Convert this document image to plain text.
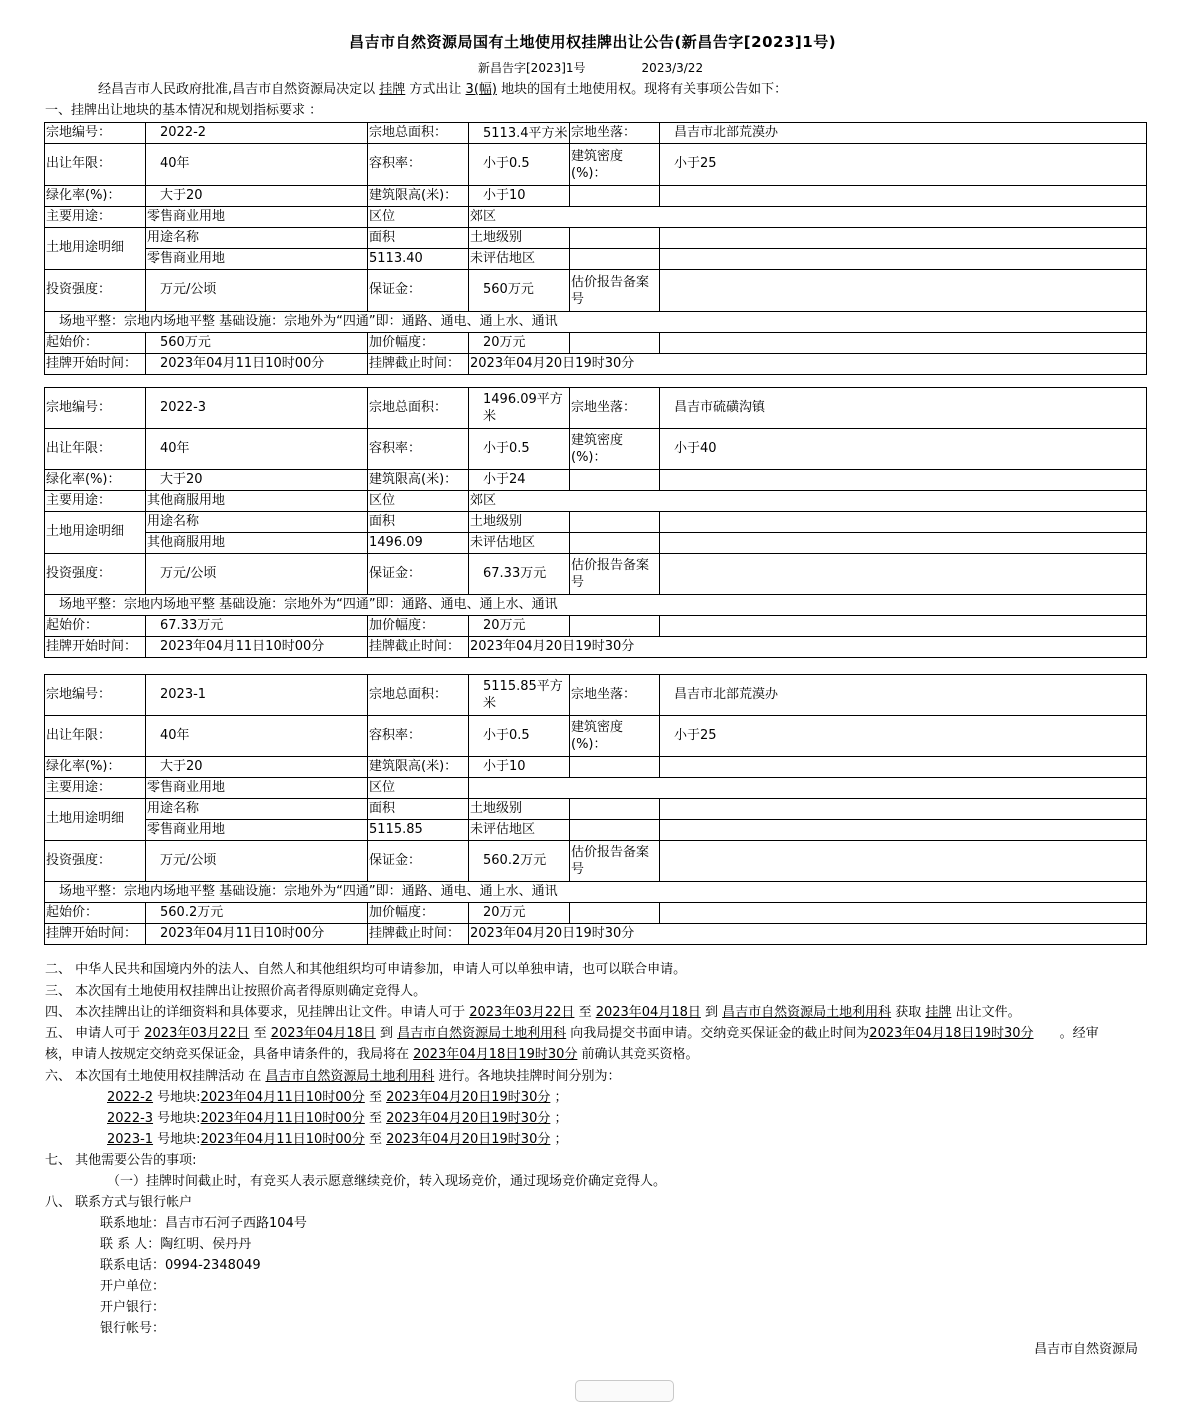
昌吉市自然资源局国有土地使用权挂牌出让公告(新昌告字[2023]1号)
新昌告字[2023]1号	2023/3/22
经昌吉市人民政府批准,昌吉市自然资源局决定以 挂牌 方式出让 3(幅) 地块的国有土地使用权。现将有关事项公告如下：
一、挂牌出让地块的基本情况和规划指标要求 ：
宗地编号：	2022-2	宗地总面积：	5113.4平方米	宗地坐落：	昌吉市北部荒漠办
出让年限：	40年	容积率：	小于0.5	建筑密度(%)：	小于25
绿化率(%)：	大于20	建筑限高(米)：	小于10		
主要用途：	零售商业用地	区位	郊区		
土地用途明细	用途名称	面积	土地级别		
	零售商业用地	5113.40	未评估地区		
投资强度：	万元/公顷	保证金：	560万元	估价报告备案号	
场地平整：宗地内场地平整 基础设施：宗地外为“四通”即：通路、通电、通上水、通讯					
起始价：	560万元	加价幅度：	20万元		
挂牌开始时间：	2023年04月11日10时00分	挂牌截止时间：	2023年04月20日19时30分		
宗地编号：	2022-3	宗地总面积：	1496.09平方米	宗地坐落：	昌吉市硫磺沟镇
出让年限：	40年	容积率：	小于0.5	建筑密度(%)：	小于40
绿化率(%)：	大于20	建筑限高(米)：	小于24		
主要用途：	其他商服用地	区位	郊区		
土地用途明细	用途名称	面积	土地级别		
	其他商服用地	1496.09	未评估地区		
投资强度：	万元/公顷	保证金：	67.33万元	估价报告备案号	
场地平整：宗地内场地平整 基础设施：宗地外为“四通”即：通路、通电、通上水、通讯					
起始价：	67.33万元	加价幅度：	20万元		
挂牌开始时间：	2023年04月11日10时00分	挂牌截止时间：	2023年04月20日19时30分		
宗地编号：	2023-1	宗地总面积：	5115.85平方米	宗地坐落：	昌吉市北部荒漠办
出让年限：	40年	容积率：	小于0.5	建筑密度(%)：	小于25
绿化率(%)：	大于20	建筑限高(米)：	小于10		
主要用途：	零售商业用地	区位			
土地用途明细	用途名称	面积	土地级别		
	零售商业用地	5115.85	未评估地区		
投资强度：	万元/公顷	保证金：	560.2万元	估价报告备案号	
场地平整：宗地内场地平整 基础设施：宗地外为“四通”即：通路、通电、通上水、通讯					
起始价：	560.2万元	加价幅度：	20万元		
挂牌开始时间：	2023年04月11日10时00分	挂牌截止时间：	2023年04月20日19时30分		
二、 中华人民共和国境内外的法人、自然人和其他组织均可申请参加，申请人可以单独申请，也可以联合申请。
三、 本次国有土地使用权挂牌出让按照价高者得原则确定竞得人。
四、 本次挂牌出让的详细资料和具体要求，见挂牌出让文件。申请人可于 2023年03月22日 至 2023年04月18日 到 昌吉市自然资源局土地利用科 获取 挂牌 出让文件。
五、 申请人可于 2023年03月22日 至 2023年04月18日 到 昌吉市自然资源局土地利用科 向我局提交书面申请。交纳竞买保证金的截止时间为2023年04月18日19时30分　　。经审
核，申请人按规定交纳竞买保证金，具备申请条件的，我局将在 2023年04月18日19时30分 前确认其竞买资格。
六、 本次国有土地使用权挂牌活动 在 昌吉市自然资源局土地利用科 进行。各地块挂牌时间分别为：
2022-2 号地块:2023年04月11日10时00分 至 2023年04月20日19时30分 ；
2022-3 号地块:2023年04月11日10时00分 至 2023年04月20日19时30分 ；
2023-1 号地块:2023年04月11日10时00分 至 2023年04月20日19时30分 ；
七、 其他需要公告的事项:
（一）挂牌时间截止时，有竞买人表示愿意继续竞价，转入现场竞价，通过现场竞价确定竞得人。
八、 联系方式与银行帐户
联系地址：昌吉市石河子西路104号
联 系 人：陶红明、侯丹丹
联系电话：0994-2348049
开户单位：
开户银行：
银行帐号：
昌吉市自然资源局
